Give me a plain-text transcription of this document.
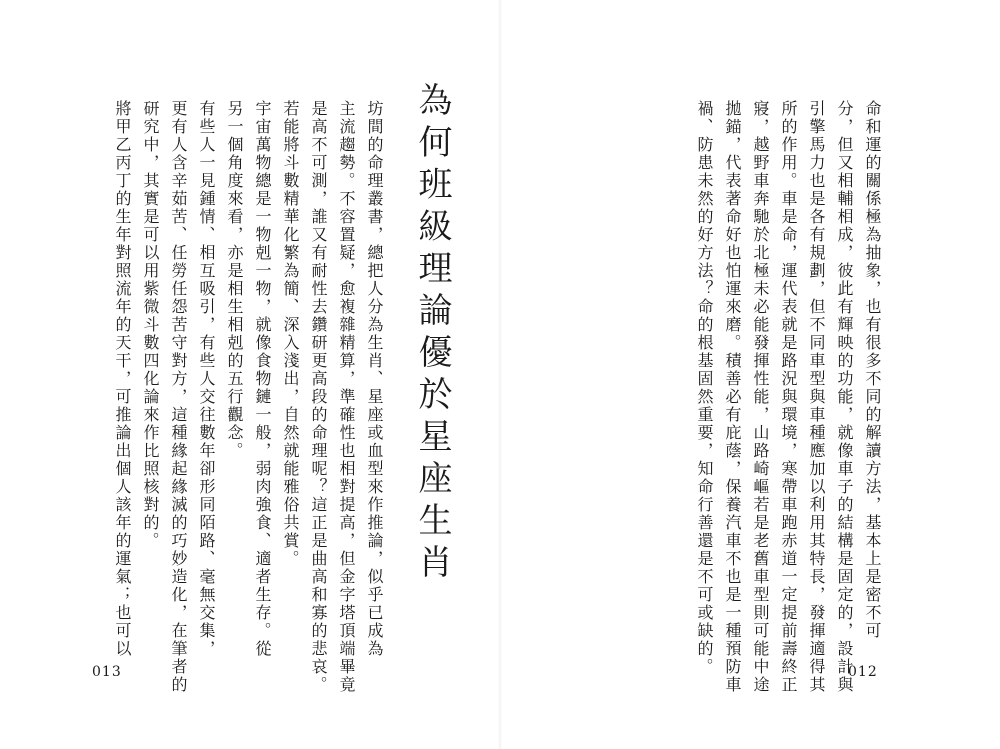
命和運的關係極為抽象，也有很多不同的解讀方法，基本上是密不可
分，但又相輔相成，彼此有輝映的功能，就像車子的結構是固定的，設計與
引擎馬力也是各有規劃，但不同車型與車種應加以利用其特長，發揮適得其
所的作用。車是命，運代表就是路況與環境，寒帶車跑赤道一定提前壽終正
寢，越野車奔馳於北極未必能發揮性能，山路崎嶇若是老舊車型則可能中途
拋錨，代表著命好也怕運來磨。積善必有庇蔭，保養汽車不也是一種預防車
禍、防患未然的好方法？命的根基固然重要，知命行善還是不可或缺的。
為何班級理論優於星座生肖
坊間的命理叢書，總把人分為生肖、星座或血型來作推論，似乎已成為
主流趨勢。不容置疑，愈複雜精算，準確性也相對提高，但金字塔頂端畢竟
是高不可測，誰又有耐性去鑽研更高段的命理呢？這正是曲高和寡的悲哀。
若能將斗數精華化繁為簡、深入淺出，自然就能雅俗共賞。
宇宙萬物總是一物剋一物，就像食物鏈一般，弱肉強食、適者生存。從
另一個角度來看，亦是相生相剋的五行觀念。
有些人一見鍾情、相互吸引，有些人交往數年卻形同陌路、毫無交集，
更有人含辛茹苦、任勞任怨苦守對方，這種緣起緣滅的巧妙造化，在筆者的
研究中，其實是可以用紫微斗數四化論來作比照核對的。
將甲乙丙丁的生年對照流年的天干，可推論出個人該年的運氣；也可以
013	012
